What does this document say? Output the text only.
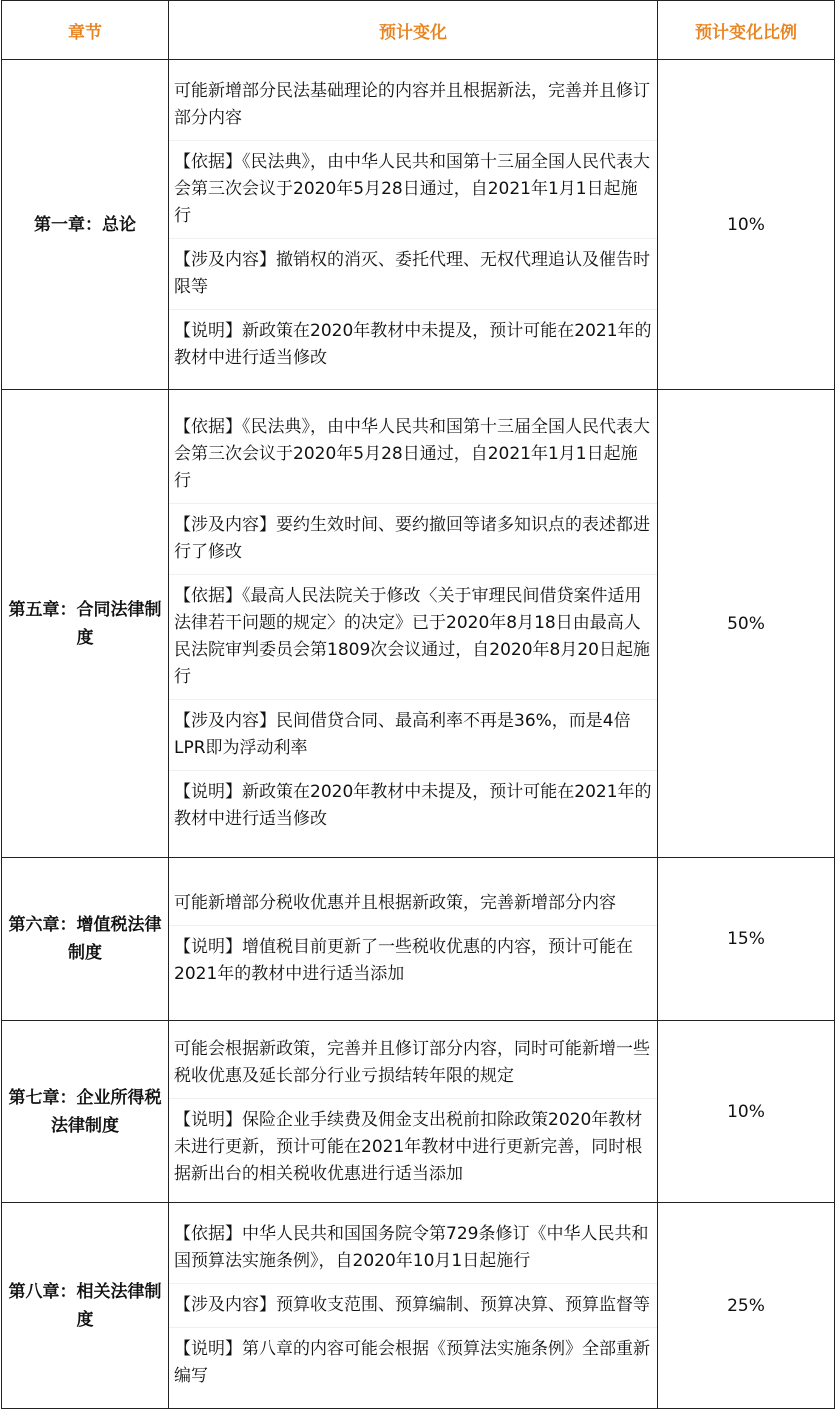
章节	预计变化	预计变化比例
第一章：总论	可能新增部分民法基础理论的内容并且根据新法，完善并且修订部分内容
【依据】《民法典》，由中华人民共和国第十三届全国人民代表大会第三次会议于2020年5月28日通过，自2021年1月1日起施行
【涉及内容】撤销权的消灭、委托代理、无权代理追认及催告时限等
【说明】新政策在2020年教材中未提及，预计可能在2021年的教材中进行适当修改	10%
第五章：合同法律制度	【依据】《民法典》，由中华人民共和国第十三届全国人民代表大会第三次会议于2020年5月28日通过，自2021年1月1日起施行
【涉及内容】要约生效时间、要约撤回等诸多知识点的表述都进行了修改
【依据】《最高人民法院关于修改〈关于审理民间借贷案件适用法律若干问题的规定〉的决定》已于2020年8月18日由最高人民法院审判委员会第1809次会议通过，自2020年8月20日起施行
【涉及内容】民间借贷合同、最高利率不再是36%，而是4倍LPR即为浮动利率
【说明】新政策在2020年教材中未提及，预计可能在2021年的教材中进行适当修改	50%
第六章：增值税法律制度	可能新增部分税收优惠并且根据新政策，完善新增部分内容
【说明】增值税目前更新了一些税收优惠的内容，预计可能在2021年的教材中进行适当添加	15%
第七章：企业所得税法律制度	可能会根据新政策，完善并且修订部分内容，同时可能新增一些税收优惠及延长部分行业亏损结转年限的规定
【说明】保险企业手续费及佣金支出税前扣除政策2020年教材未进行更新，预计可能在2021年教材中进行更新完善，同时根据新出台的相关税收优惠进行适当添加	10%
第八章：相关法律制度	【依据】中华人民共和国国务院令第729条修订《中华人民共和国预算法实施条例》，自2020年10月1日起施行
【涉及内容】预算收支范围、预算编制、预算决算、预算监督等
【说明】第八章的内容可能会根据《预算法实施条例》全部重新编写	25%
